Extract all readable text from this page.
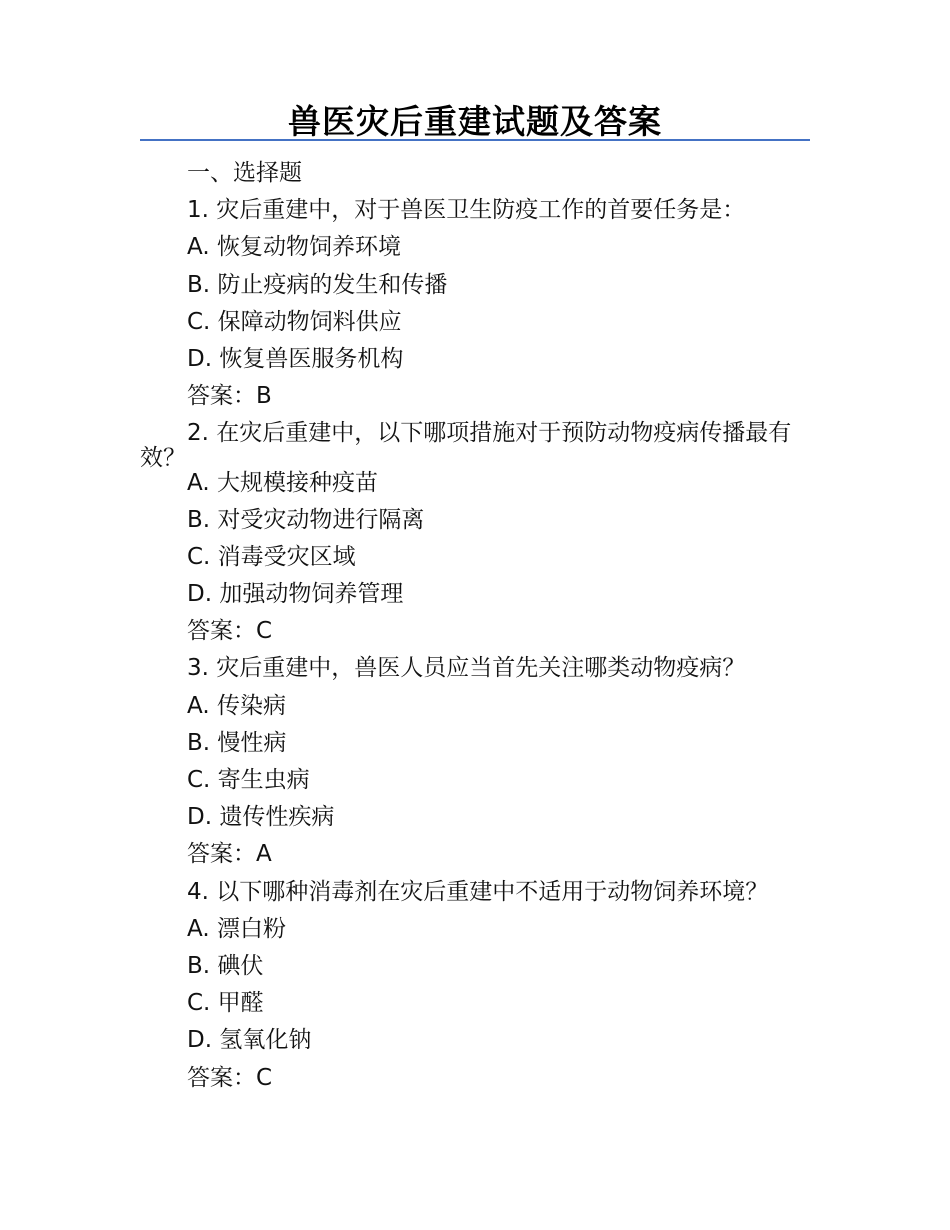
兽医灾后重建试题及答案
一、选择题
1. 灾后重建中，对于兽医卫生防疫工作的首要任务是：
A. 恢复动物饲养环境
B. 防止疫病的发生和传播
C. 保障动物饲料供应
D. 恢复兽医服务机构
答案：B
2. 在灾后重建中，以下哪项措施对于预防动物疫病传播最有效？
A. 大规模接种疫苗
B. 对受灾动物进行隔离
C. 消毒受灾区域
D. 加强动物饲养管理
答案：C
3. 灾后重建中，兽医人员应当首先关注哪类动物疫病？
A. 传染病
B. 慢性病
C. 寄生虫病
D. 遗传性疾病
答案：A
4. 以下哪种消毒剂在灾后重建中不适用于动物饲养环境？
A. 漂白粉
B. 碘伏
C. 甲醛
D. 氢氧化钠
答案：C
